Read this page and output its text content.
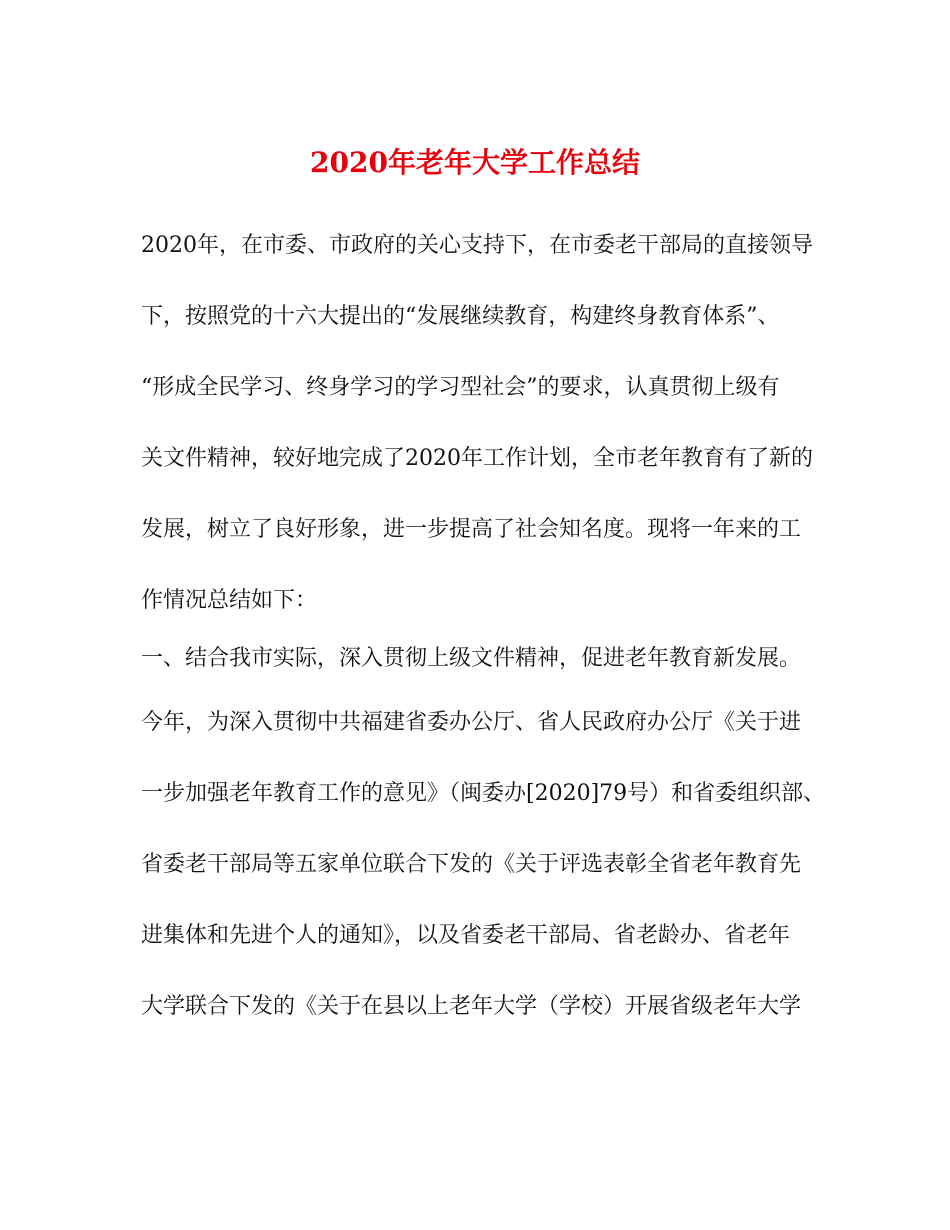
2020年老年大学工作总结

2020年，在市委、市政府的关心支持下，在市委老干部局的直接领导

下，按照党的十六大提出的“发展继续教育，构建终身教育体系”、

“形成全民学习、终身学习的学习型社会”的要求，认真贯彻上级有

关文件精神，较好地完成了2020年工作计划，全市老年教育有了新的

发展，树立了良好形象，进一步提高了社会知名度。现将一年来的工

作情况总结如下：

一、结合我市实际，深入贯彻上级文件精神，促进老年教育新发展。

今年，为深入贯彻中共福建省委办公厅、省人民政府办公厅《关于进

一步加强老年教育工作的意见》（闽委办[2020]79号）和省委组织部、

省委老干部局等五家单位联合下发的《关于评选表彰全省老年教育先

进集体和先进个人的通知》，以及省委老干部局、省老龄办、省老年

大学联合下发的《关于在县以上老年大学（学校）开展省级老年大学
